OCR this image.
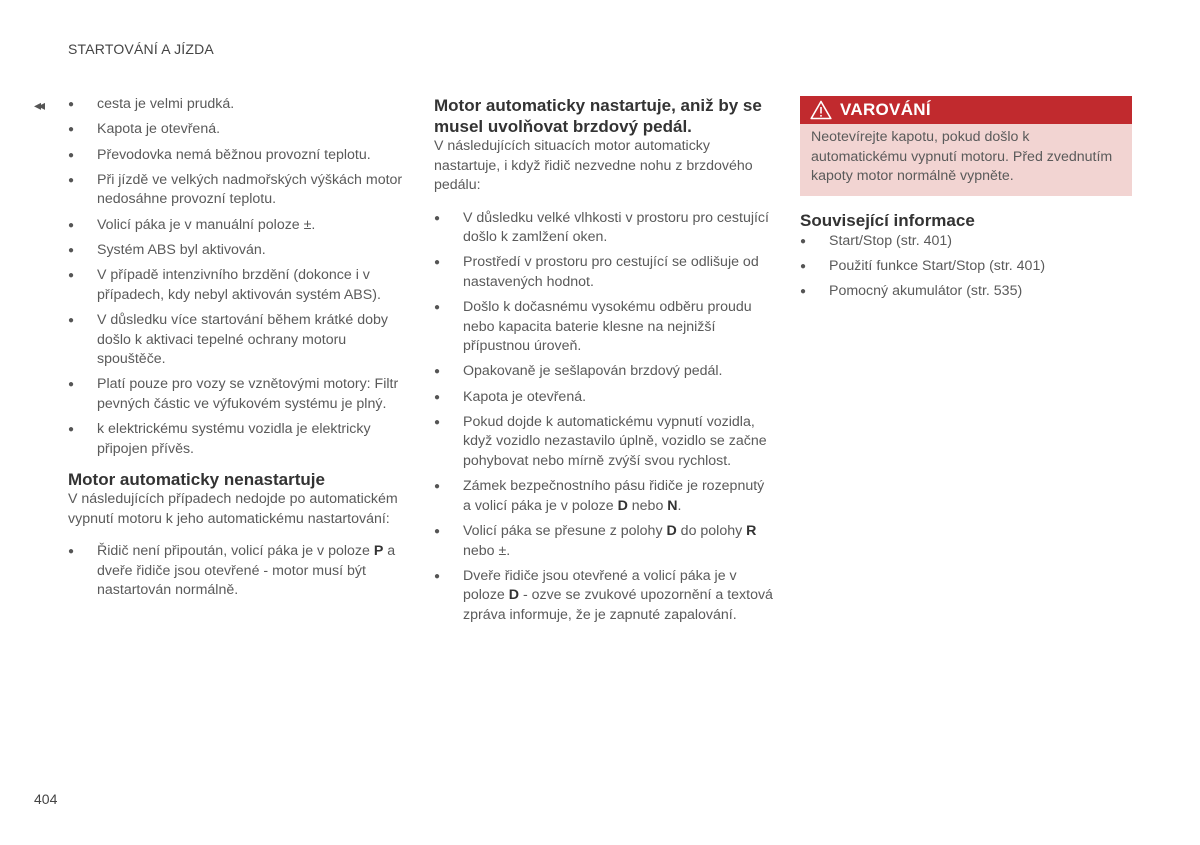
STARTOVÁNÍ A JÍZDA
◂◂
●	cesta je velmi prudká.
● Kapota je otevřená.
● Převodovka nemá běžnou provozní teplotu.
● Při jízdě ve velkých nadmořských výškách motor nedosáhne provozní teplotu.
● Volicí páka je v manuální poloze ±.
● Systém ABS byl aktivován.
● V případě intenzivního brzdění (dokonce i v případech, kdy nebyl aktivován systém ABS).
● V důsledku více startování během krátké doby došlo k aktivaci tepelné ochrany motoru spouštěče.
● Platí pouze pro vozy se vznětovými motory: Filtr pevných částic ve výfukovém systému je plný.
● k elektrickému systému vozidla je elektricky připojen přívěs.
Motor automaticky nenastartuje

V následujících případech nedojde po automatickém vypnutí motoru k jeho automatickému nastartování:

● Řidič není připoután, volicí páka je v poloze P a dveře řidiče jsou otevřené - motor musí být nastartován normálně.
Motor automaticky nastartuje, aniž by se musel uvolňovat brzdový pedál.

V následujících situacích motor automaticky nastartuje, i když řidič nezvedne nohu z brzdového pedálu:

● V důsledku velké vlhkosti v prostoru pro cestující došlo k zamlžení oken.
● Prostředí v prostoru pro cestující se odlišuje od nastavených hodnot.
● Došlo k dočasnému vysokému odběru proudu nebo kapacita baterie klesne na nejnižší přípustnou úroveň.
● Opakovaně je sešlapován brzdový pedál.
● Kapota je otevřená.
● Pokud dojde k automatickému vypnutí vozidla, když vozidlo nezastavilo úplně, vozidlo se začne pohybovat nebo mírně zvýší svou rychlost.
● Zámek bezpečnostního pásu řidiče je rozepnutý a volicí páka je v poloze D nebo N.
● Volicí páka se přesune z polohy D do polohy R nebo ±.
● Dveře řidiče jsou otevřené a volicí páka je v poloze D - ozve se zvukové upozornění a textová zpráva informuje, že je zapnuté zapalování.
VAROVÁNÍ
Neotevírejte kapotu, pokud došlo k automatickému vypnutí motoru. Před zvednutím kapoty motor normálně vypněte.
Související informace
● Start/Stop (str. 401)
● Použití funkce Start/Stop (str. 401)
● Pomocný akumulátor (str. 535)
404
